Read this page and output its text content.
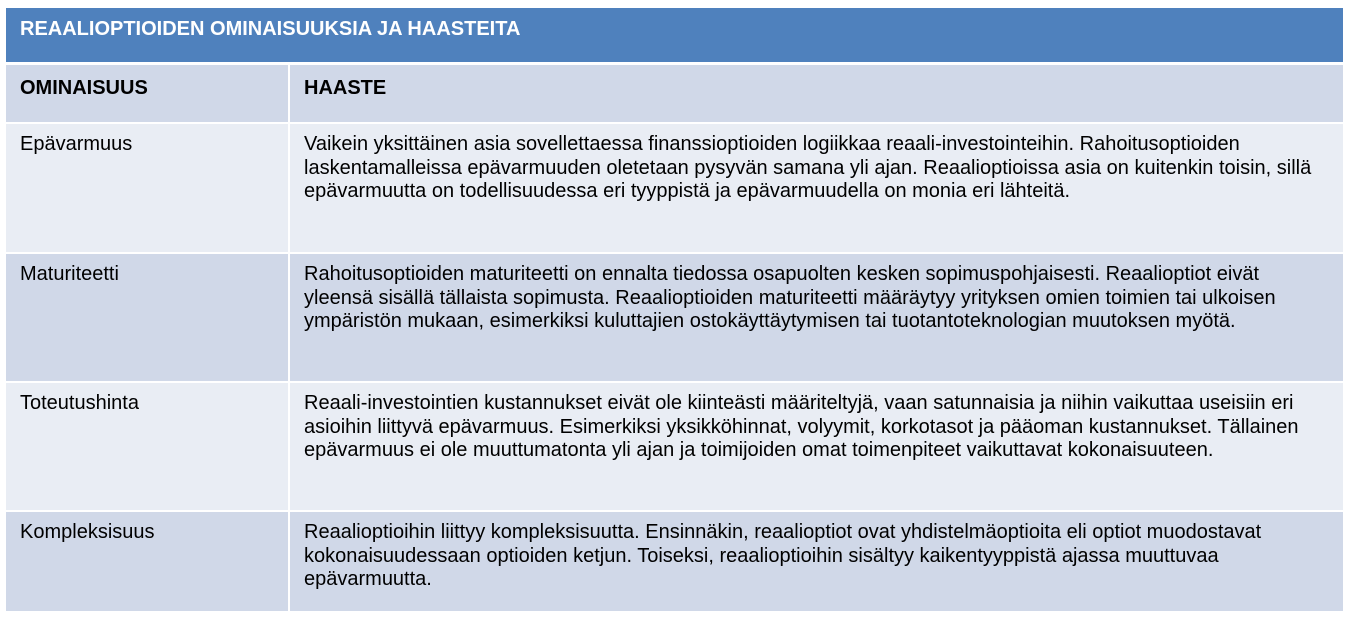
REAALIOPTIOIDEN OMINAISUUKSIA JA HAASTEITA	
OMINAISUUS	HAASTE
Epävarmuus	Vaikein yksittäinen asia sovellettaessa finanssioptioiden logiikkaa reaali-investointeihin. Rahoitusoptioiden laskentamalleissa epävarmuuden oletetaan pysyvän samana yli ajan. Reaalioptioissa asia on kuitenkin toisin, sillä epävarmuutta on todellisuudessa eri tyyppistä ja epävarmuudella on monia eri lähteitä.
Maturiteetti	Rahoitusoptioiden maturiteetti on ennalta tiedossa osapuolten kesken sopimuspohjaisesti. Reaalioptiot eivät yleensä sisällä tällaista sopimusta. Reaalioptioiden maturiteetti määräytyy yrityksen omien toimien tai ulkoisen ympäristön mukaan, esimerkiksi kuluttajien ostokäyttäytymisen tai tuotantoteknologian muutoksen myötä.
Toteutushinta	Reaali-investointien kustannukset eivät ole kiinteästi määriteltyjä, vaan satunnaisia ja niihin vaikuttaa useisiin eri asioihin liittyvä epävarmuus. Esimerkiksi yksikköhinnat, volyymit, korkotasot ja pääoman kustannukset. Tällainen epävarmuus ei ole muuttumatonta yli ajan ja toimijoiden omat toimenpiteet vaikuttavat kokonaisuuteen.
Kompleksisuus	Reaalioptioihin liittyy kompleksisuutta. Ensinnäkin, reaalioptiot ovat yhdistelmäoptioita eli optiot muodostavat kokonaisuudessaan optioiden ketjun. Toiseksi, reaalioptioihin sisältyy kaikentyyppistä ajassa muuttuvaa epävarmuutta.
